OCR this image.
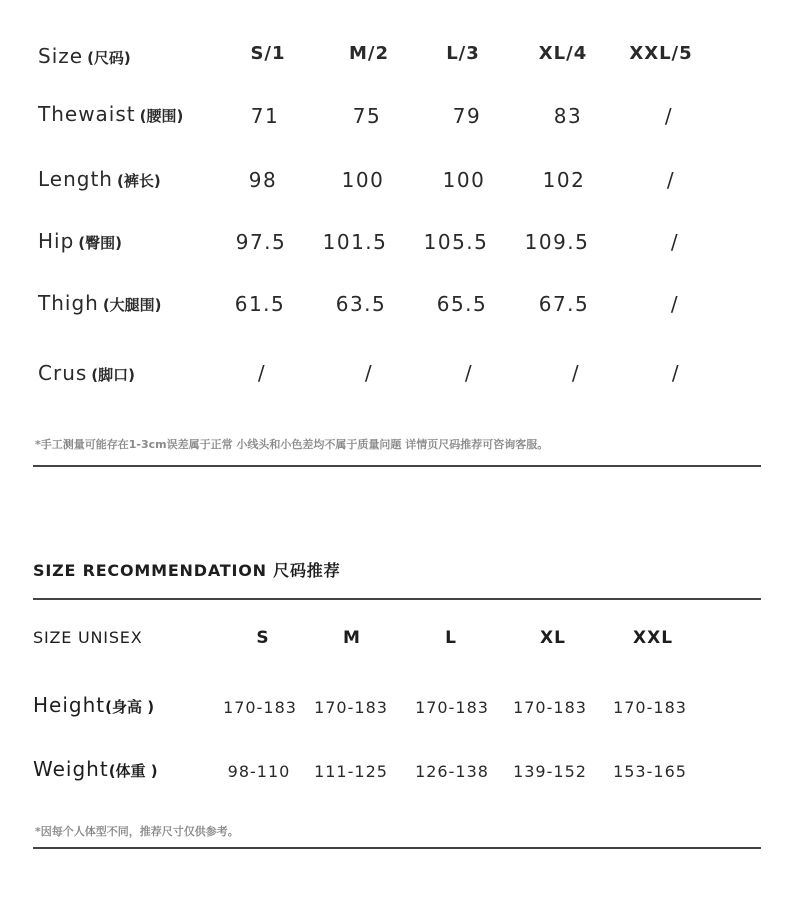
Size (尺码)	S/1	M/2	L/3	XL/4 XXL/5
Thewaist (腰围)	71	75	79	83	/
Length (裤长)	98	100	100	102	/
Hip (臀围)	97.5 101.5 105.5 109.5	/
Thigh (大腿围)	61.5	63.5	65.5	67.5	/
Crus (脚口)	/	/	/	/	/
*手工测量可能存在1-3cm误差属于正常 小线头和小色差均不属于质量问题 详情页尺码推荐可咨询客服。
SIZE RECOMMENDATION 尺码推荐
SIZE UNISEX	S	M	L	XL	XXL
Height(身高 )	170-183 170-183 170-183 170-183 170-183
Weight(体重 )	98-110 111-125 126-138 139-152 153-165
*因每个人体型不同，推荐尺寸仅供参考。
